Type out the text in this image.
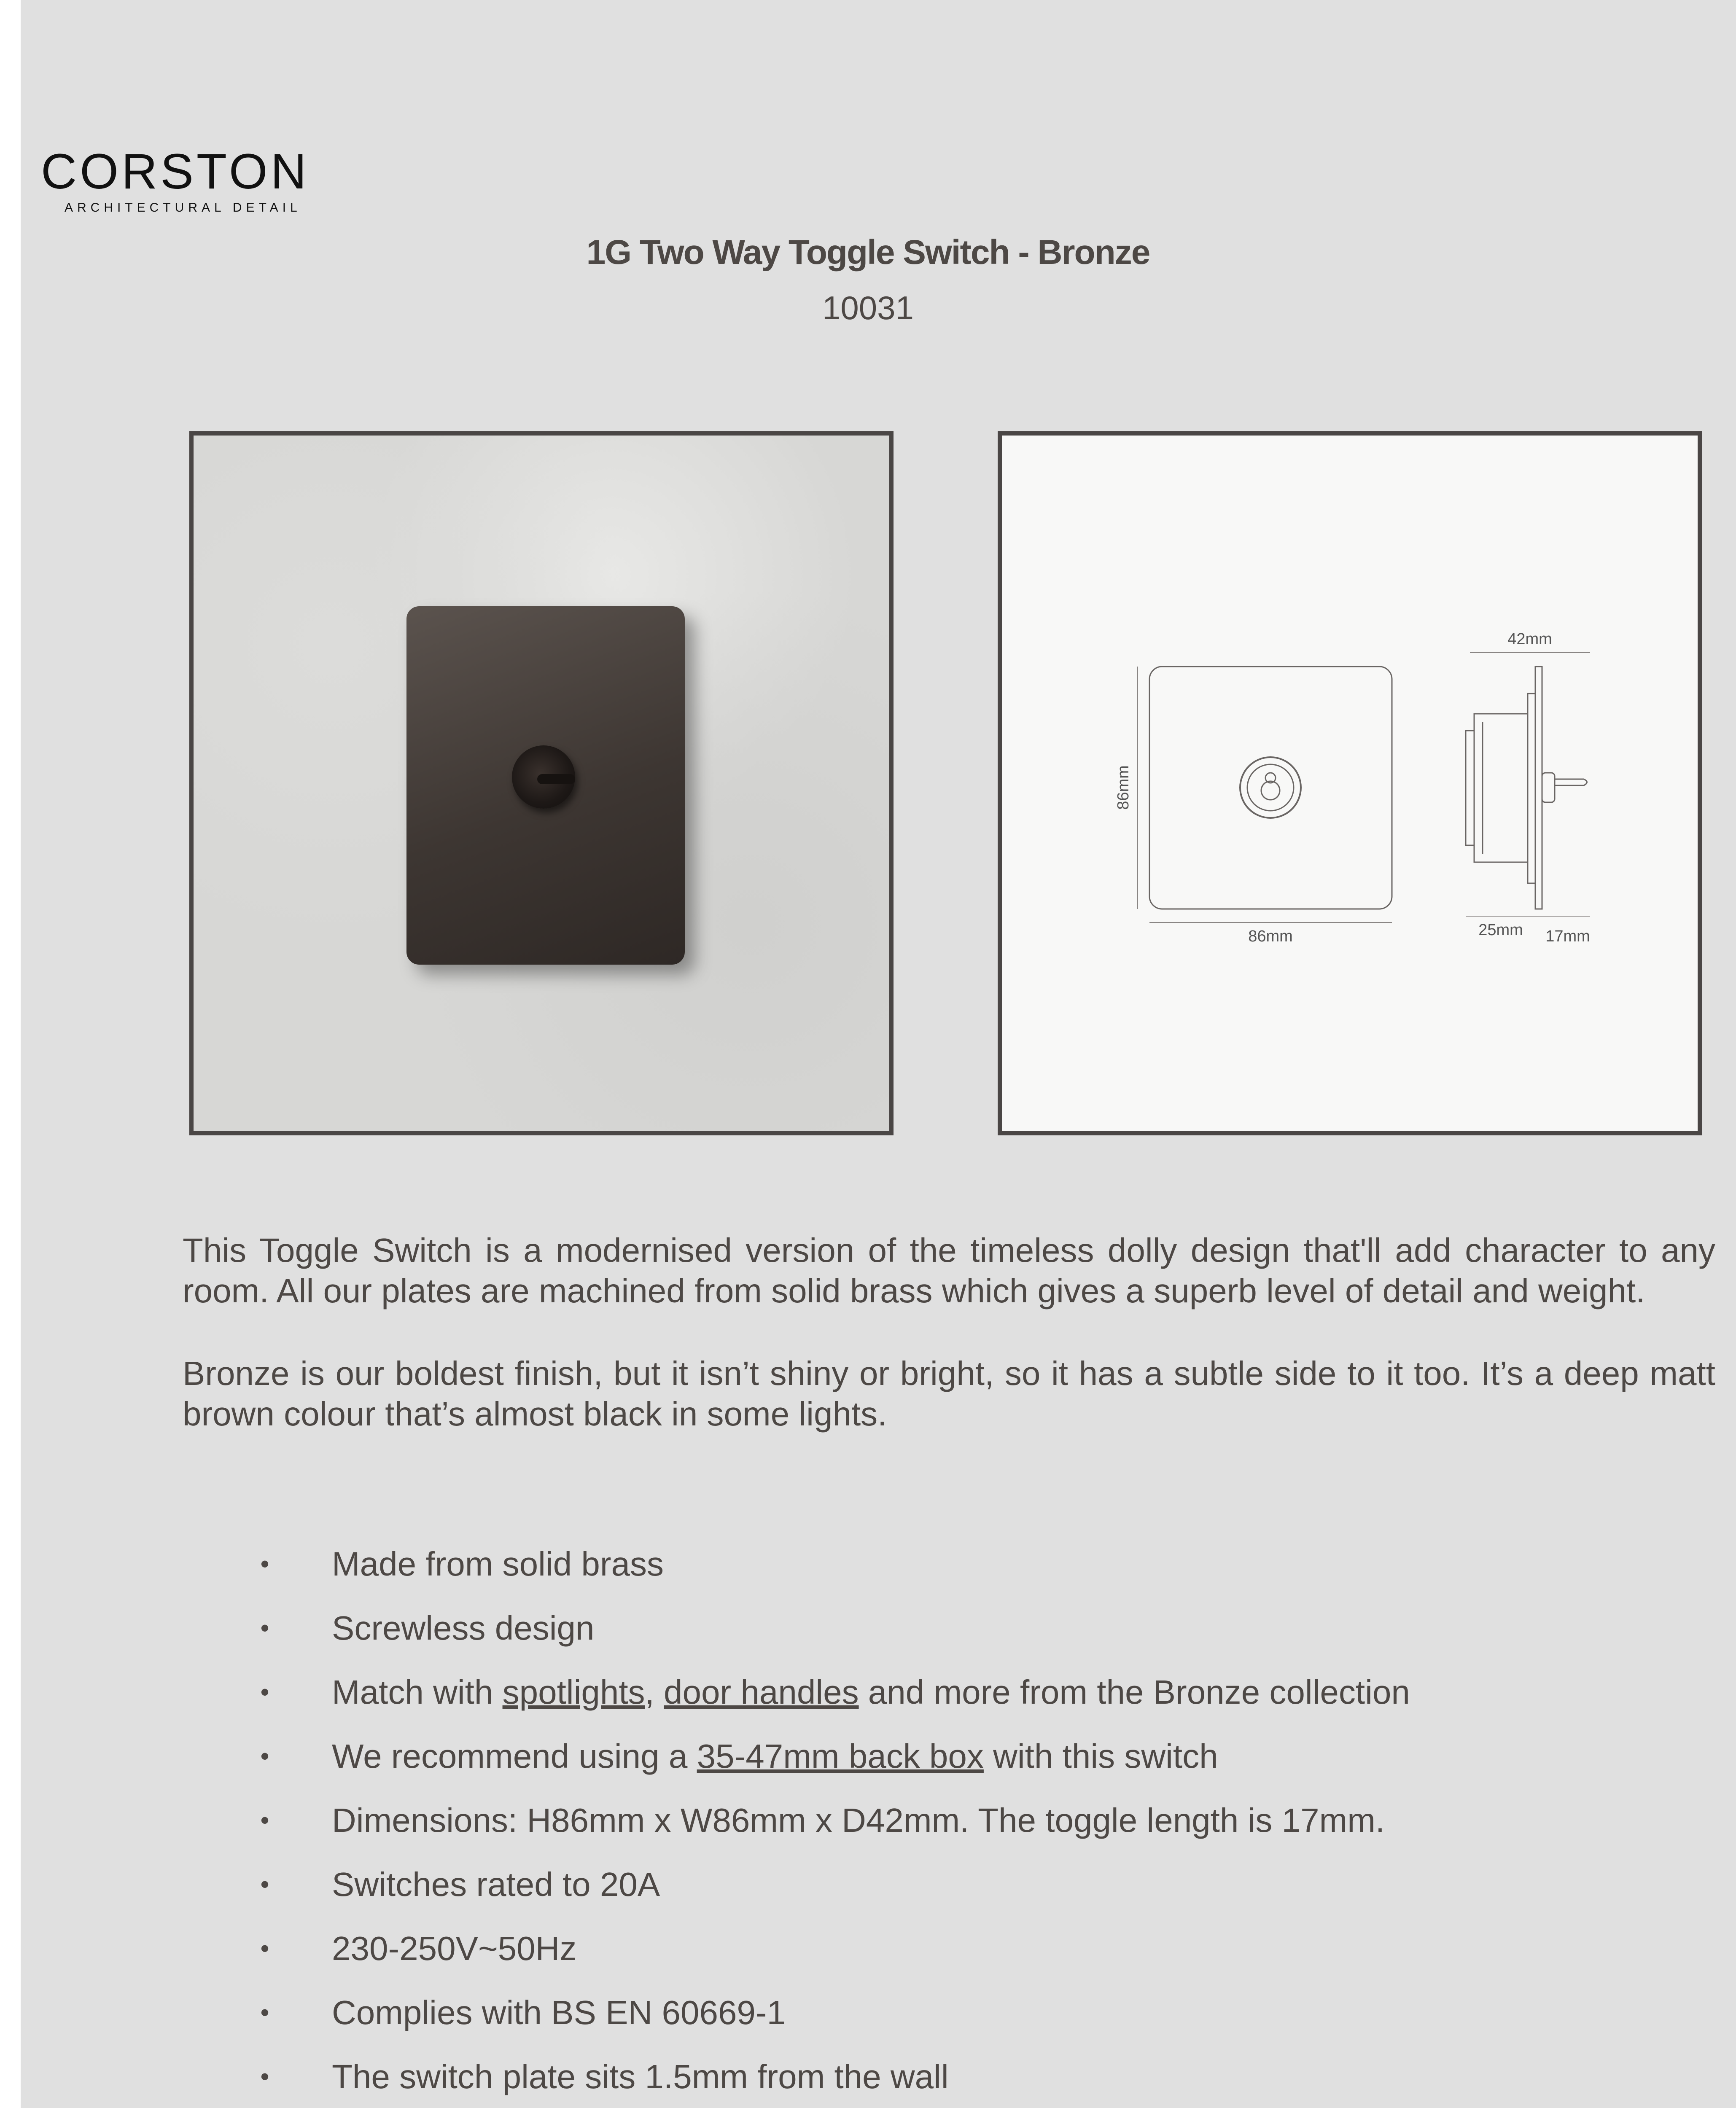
CORSTON
ARCHITECTURAL DETAIL
1G Two Way Toggle Switch - Bronze
10031
86mm
86mm
42mm
25mm 17mm

This Toggle Switch is a modernised version of the timeless dolly design that'll add character to any room. All our plates are machined from solid brass which gives a superb level of detail and weight.

Bronze is our boldest finish, but it isn’t shiny or bright, so it has a subtle side to it too. It’s a deep matt brown colour that’s almost black in some lights.

• Made from solid brass
• Screwless design
• Match with spotlights, door handles and more from the Bronze collection
• We recommend using a 35-47mm back box with this switch
• Dimensions: H86mm x W86mm x D42mm. The toggle length is 17mm.
• Switches rated to 20A
• 230-250V~50Hz
• Complies with BS EN 60669-1
• The switch plate sits 1.5mm from the wall
